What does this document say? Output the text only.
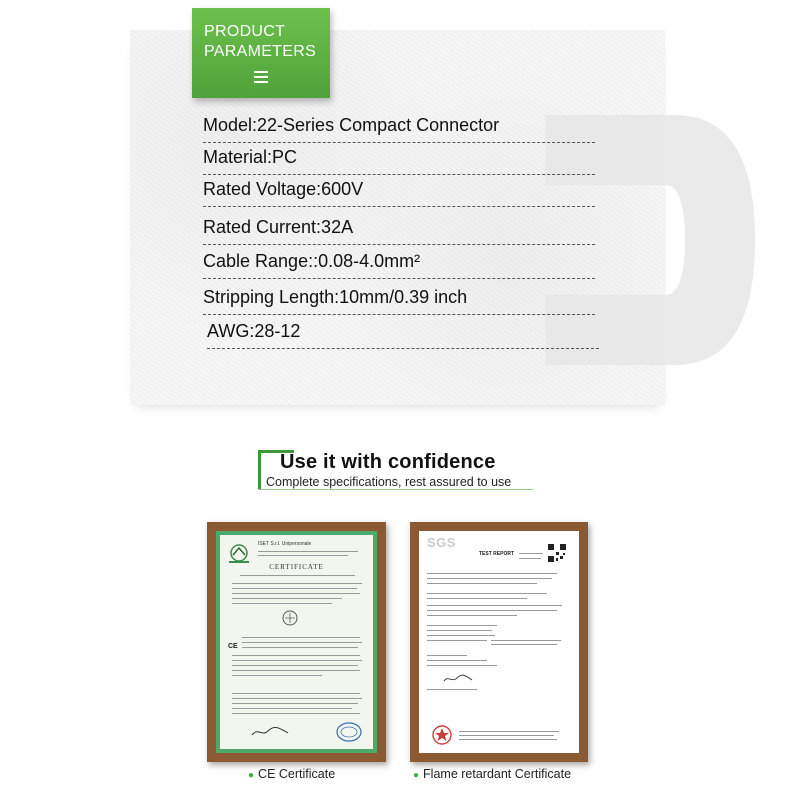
PRODUCT PARAMETERS
Model:22-Series Compact Connector
Material:PC
Rated Voltage:600V
Rated Current:32A
Cable Range::0.08-4.0mm²
Stripping Length:10mm/0.39 inch
AWG:28-12
Use it with confidence
Complete specifications, rest assured to use
ISET S.r.l. Unipersonale
CERTIFICATE
CE
SGS
TEST REPORT
● CE Certificate	● Flame retardant Certificate
